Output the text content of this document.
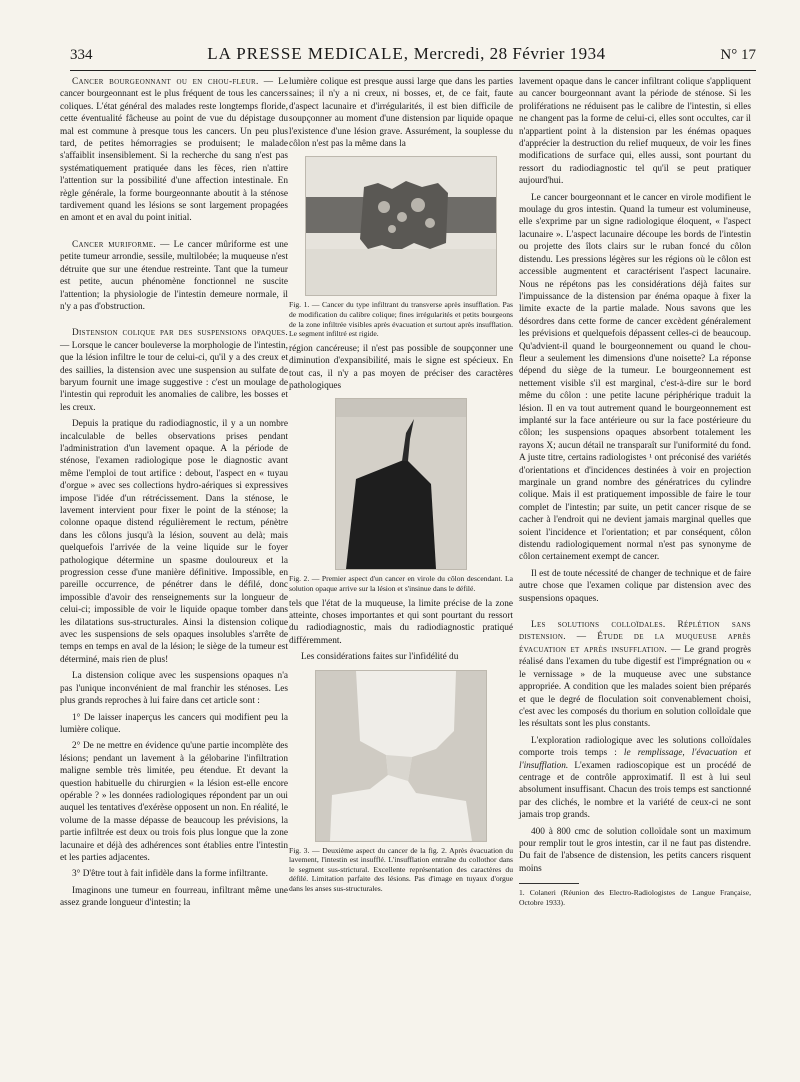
334	LA PRESSE MEDICALE, Mercredi, 28 Février 1934	N° 17

Cancer bourgeonnant ou en chou-fleur. — Le cancer bourgeonnant est le plus fréquent de tous les cancers coliques. L'état général des malades reste longtemps floride, cette éventualité fâcheuse au point de vue du dépistage du mal est commune à presque tous les cancers. Un peu plus tard, de petites hémorragies se produisent; le malade s'affaiblit insensiblement. Si la recherche du sang n'est pas systématiquement pratiquée dans les fèces, rien n'attire l'attention sur la possibilité d'une affection intestinale. En règle générale, la forme bourgeonnante aboutit à la sténose tardivement quand les lésions se sont largement propagées en amont et en aval du point initial.

Cancer muriforme. — Le cancer mûriforme est une petite tumeur arrondie, sessile, multilobée; la muqueuse n'est détruite que sur une étendue restreinte. Tant que la tumeur est petite, aucun phénomène fonctionnel ne suscite l'attention; la physiologie de l'intestin demeure normale, il n'y a pas d'obstruction.

Distension colique par des suspensions opaques. — Lorsque le cancer bouleverse la morphologie de l'intestin, que la lésion infiltre le tour de celui-ci, qu'il y a des creux et des saillies, la distension avec une suspension au sulfate de baryum fournit une image suggestive : c'est un moulage de l'intestin qui reproduit les anomalies de calibre, les bosses et les creux.

Depuis la pratique du radiodiagnostic, il y a un nombre incalculable de belles observations prises pendant l'administration d'un lavement opaque. A la période de sténose, l'examen radiologique pose le diagnostic avant même l'emploi de tout artifice : debout, l'aspect en « tuyau d'orgue » avec ses collections hydro-aériques si expressives impose l'idée d'un rétrécissement. Dans la sténose, le lavement intervient pour fixer le point de la sténose; la colonne opaque distend régulièrement le rectum, pénètre dans les côlons jusqu'à la lésion, souvent au delà; mais quelquefois l'arrivée de la veine liquide sur le foyer pathologique détermine un spasme douloureux et la progression cesse d'une manière définitive. Impossible, en pareille occurrence, de pénétrer dans le défilé, donc impossible d'avoir des renseignements sur la longueur de celui-ci; impossible de voir le liquide opaque tomber dans les dilatations sus-structurales. Ainsi la distension colique avec les suspensions de sels opaques insolubles s'arrête de temps en temps en aval de la lésion; le siège de la tumeur est déterminé, mais rien de plus!

La distension colique avec les suspensions opaques n'a pas l'unique inconvénient de mal franchir les sténoses. Les plus grands reproches à lui faire dans cet article sont :

1° De laisser inaperçus les cancers qui modifient peu la lumière colique.

2° De ne mettre en évidence qu'une partie incomplète des lésions; pendant un lavement à la gélobarine l'infiltration maligne semble très limitée, peu étendue. Et devant la question habituelle du chirurgien « la lésion est-elle encore opérable ? » les données radiologiques répondent par un oui auquel les tentatives d'exérèse opposent un non. En réalité, le volume de la masse dépasse de beaucoup les prévisions, la partie infiltrée est deux ou trois fois plus longue que la zone lacunaire et déjà des adhérences sont établies entre l'intestin et les parties adjacentes.

3° D'être tout à fait infidèle dans la forme infiltrante.

Imaginons une tumeur en fourreau, infiltrant même une assez grande longueur d'intestin; la

lumière colique est presque aussi large que dans les parties saines; il n'y a ni creux, ni bosses, et, de ce fait, faute d'aspect lacunaire et d'irrégularités, il est bien difficile de soupçonner au moment d'une distension par liquide opaque l'existence d'une lésion grave. Assurément, la souplesse du côlon n'est pas la même dans la

Fig. 1. — Cancer du type infiltrant du transverse après insufflation. Pas de modification du calibre colique; fines irrégularités et petits bourgeons de la zone infiltrée visibles après évacuation et surtout après insufflation. Le segment infiltré est rigide.

région cancéreuse; il n'est pas possible de soupçonner une diminution d'expansibilité, mais le signe est spécieux. En tout cas, il n'y a pas moyen de préciser des caractères pathologiques

Fig. 2. — Premier aspect d'un cancer en virole du côlon descendant. La solution opaque arrive sur la lésion et s'insinue dans le défilé.

tels que l'état de la muqueuse, la limite précise de la zone atteinte, choses importantes et qui sont pourtant du ressort du radiodiagnostic, mais du radiodiagnostic pratiqué différemment.

Les considérations faites sur l'infidélité du

Fig. 3. — Deuxième aspect du cancer de la fig. 2. Après évacuation du lavement, l'intestin est insufflé. L'insufflation entraîne du collothor dans le segment sus-strictural. Excellente représentation des caractères du défilé. Limitation parfaite des lésions. Pas d'image en tuyaux d'orgue dans les anses sus-structurales.

lavement opaque dans le cancer infiltrant colique s'appliquent au cancer bourgeonnant avant la période de sténose. Si les proliférations ne réduisent pas le calibre de l'intestin, si elles ne changent pas la forme de celui-ci, elles sont occultes, car il n'appartient point à la distension par les énémas opaques d'apprécier la destruction du relief muqueux, de voir les fines modifications de surface qui, elles aussi, sont pourtant du ressort du radiodiagnostic tel qu'il se peut pratiquer aujourd'hui.

Le cancer bourgeonnant et le cancer en virole modifient le moulage du gros intestin. Quand la tumeur est volumineuse, elle s'exprime par un signe radiologique éloquent, « l'aspect lacunaire ». L'aspect lacunaire découpe les bords de l'intestin ou projette des îlots clairs sur le ruban foncé du côlon distendu. Les pressions légères sur les régions où le côlon est accessible augmentent et caractérisent l'aspect lacunaire. Nous ne répétons pas les considérations déjà faites sur l'impuissance de la distension par énéma opaque à fixer la limite exacte de la partie malade. Nous savons que les désordres dans cette forme de cancer excèdent généralement les prévisions et quelquefois dépassent celles-ci de beaucoup. Qu'advient-il quand le bourgeonnement ou quand le chou-fleur a seulement les dimensions d'une noisette? La réponse dépend du siège de la tumeur. Le bourgeonnement est nettement visible s'il est marginal, c'est-à-dire sur le bord même du côlon : une petite lacune périphérique traduit la lésion. Il en va tout autrement quand le bourgeonnement est implanté sur la face antérieure ou sur la face postérieure du côlon; les suspensions opaques absorbent totalement les rayons X; aucun détail ne transparaît sur l'uniformité du fond. A juste titre, certains radiologistes ¹ ont préconisé des variétés d'orientations et d'incidences destinées à voir en projection marginale un grand nombre des génératrices du cylindre colique. Mais il est pratiquement impossible de faire le tour complet de l'intestin; par suite, un petit cancer risque de se cacher à l'endroit qui ne devient jamais marginal quelles que soient l'incidence et l'orientation; et par conséquent, côlon distendu radiologiquement normal n'est pas synonyme de côlon certainement exempt de cancer.

Il est de toute nécessité de changer de technique et de faire autre chose que l'examen colique par distension avec des suspensions opaques.

Les solutions colloïdales. Réplétion sans distension. — Étude de la muqueuse après évacuation et après insufflation. — Le grand progrès réalisé dans l'examen du tube digestif est l'imprégnation ou « le vernissage » de la muqueuse avec une substance appropriée. A condition que les malades soient bien préparés et que le degré de floculation soit convenablement choisi, c'est avec les composés du thorium en solution colloïdale que les résultats sont les plus constants.

L'exploration radiologique avec les solutions colloïdales comporte trois temps : le remplissage, l'évacuation et l'insufflation. L'examen radioscopique est un procédé de centrage et de contrôle approximatif. Il est à lui seul absolument insuffisant. Chacun des trois temps est sanctionné par des clichés, le nombre et la variété de ceux-ci ne sont jamais trop grands.

400 à 800 cmc de solution colloïdale sont un maximum pour remplir tout le gros intestin, car il ne faut pas distendre. Du fait de l'absence de distension, les petits cancers risquent moins

1. Colaneri (Réunion des Electro-Radiologistes de Langue Française, Octobre 1933).
